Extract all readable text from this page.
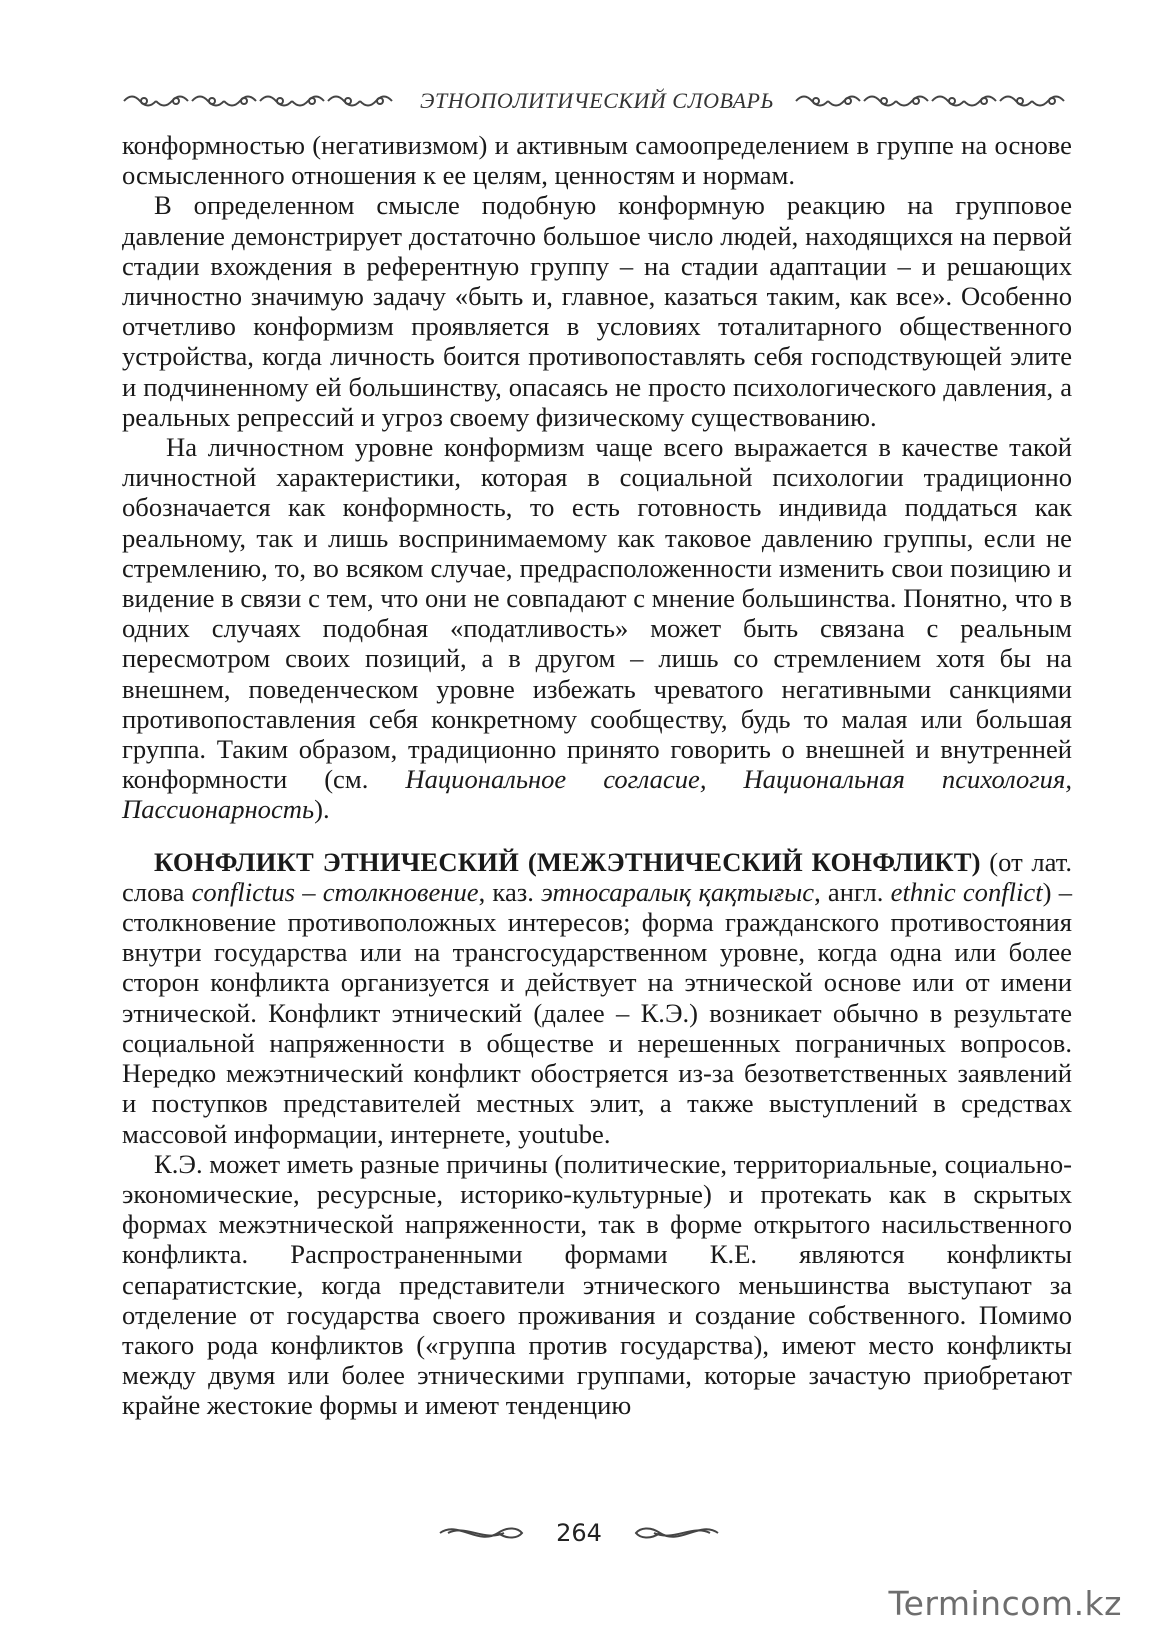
ЭТНОПОЛИТИЧЕСКИЙ СЛОВАРЬ

конформностью (негативизмом) и активным самоопределением в группе на основе осмысленного отношения к ее целям, ценностям и нормам.

В определенном смысле подобную конформную реакцию на групповое давление демонстрирует достаточно большое число людей, находящихся на первой стадии вхождения в референтную группу – на стадии адаптации – и решающих личностно значимую задачу «быть и, главное, казаться таким, как все». Особенно отчетливо конформизм проявляется в условиях тоталитарного общественного устройства, когда личность боится противопоставлять себя господствующей элите и подчиненному ей большинству, опасаясь не просто психологического давления, а реальных репрессий и угроз своему физическому существованию.

На личностном уровне конформизм чаще всего выражается в качестве такой личностной характеристики, которая в социальной психологии традиционно обозначается как конформность, то есть готовность индивида поддаться как реальному, так и лишь воспринимаемому как таковое давлению группы, если не стремлению, то, во всяком случае, предрасположенности изменить свои позицию и видение в связи с тем, что они не совпадают с мнение большинства. Понятно, что в одних случаях подобная «податливость» может быть связана с реальным пересмотром своих позиций, а в другом – лишь со стремлением хотя бы на внешнем, поведенческом уровне избежать чреватого негативными санкциями противопоставления себя конкретному сообществу, будь то малая или большая группа. Таким образом, традиционно принято говорить о внешней и внутренней конформности (см. Национальное согласие, Национальная психология, Пассионарность).

КОНФЛИКТ ЭТНИЧЕСКИЙ (МЕЖЭТНИЧЕСКИЙ КОНФЛИКТ) (от лат. слова conflictus – столкновение, каз. этносаралық қақтығыс, англ. ethnic conflict) – столкновение противоположных интересов; форма гражданского противостояния внутри государства или на трансгосударственном уровне, когда одна или более сторон конфликта организуется и действует на этнической основе или от имени этнической. Конфликт этнический (далее – К.Э.) возникает обычно в результате социальной напряженности в обществе и нерешенных пограничных вопросов. Нередко межэтнический конфликт обостряется из-за безответственных заявлений и поступков представителей местных элит, а также выступлений в средствах массовой информации, интернете, youtube.

К.Э. может иметь разные причины (политические, территориальные, социально-экономические, ресурсные, историко-культурные) и протекать как в скрытых формах межэтнической напряженности, так в форме открытого насильственного конфликта. Распространенными формами К.Е. являются конфликты сепаратистские, когда представители этнического меньшинства выступают за отделение от государства своего проживания и создание собственного. Помимо такого рода конфликтов («группа против государства), имеют место конфликты между двумя или более этническими группами, которые зачастую приобретают крайне жестокие формы и имеют тенденцию

264
Termincom.kz
